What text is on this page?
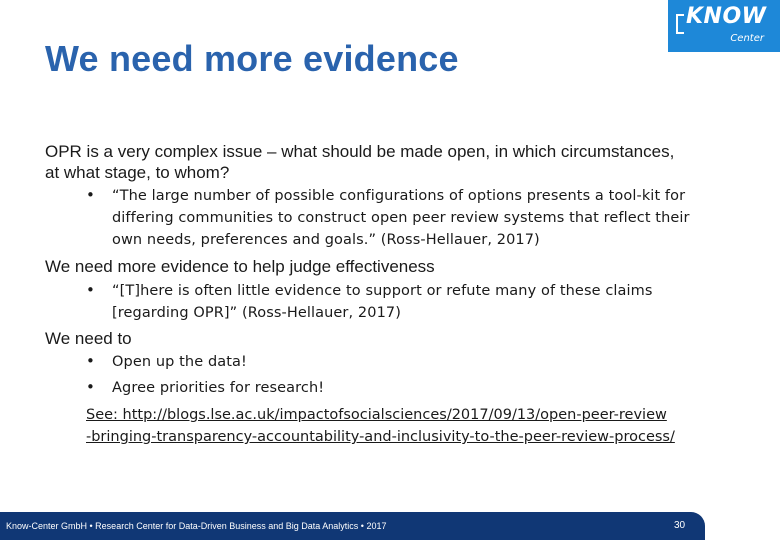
We need more evidence
KNOW
Center
OPR is a very complex issue – what should be made open, in which circumstances, at what stage, to whom?
• “The large number of possible configurations of options presents a tool-kit for
differing communities to construct open peer review systems that reflect their
own needs, preferences and goals.” (Ross-Hellauer, 2017)
We need more evidence to help judge effectiveness
• “[T]here is often little evidence to support or refute many of these claims
[regarding OPR]” (Ross-Hellauer, 2017)
We need to
• Open up the data!
• Agree priorities for research!
See: http://blogs.lse.ac.uk/impactofsocialsciences/2017/09/13/open-peer-review
-bringing-transparency-accountability-and-inclusivity-to-the-peer-review-process/
Know-Center GmbH • Research Center for Data-Driven Business and Big Data Analytics • 2017	30
